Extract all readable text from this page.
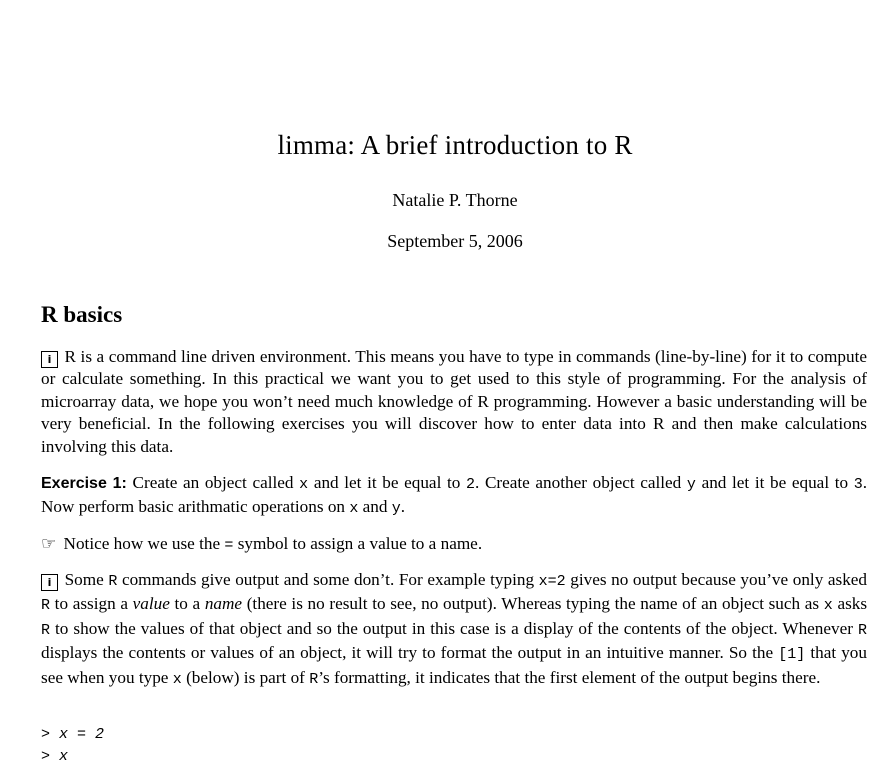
limma: A brief introduction to R
Natalie P. Thorne
September 5, 2006
R basics
i R is a command line driven environment. This means you have to type in commands (line-by-line) for it to compute or calculate something. In this practical we want you to get used to this style of programming. For the analysis of microarray data, we hope you won’t need much knowledge of R programming. However a basic understanding will be very beneficial. In the following exercises you will discover how to enter data into R and then make calculations involving this data.
Exercise 1: Create an object called x and let it be equal to 2. Create another object called y and let it be equal to 3. Now perform basic arithmatic operations on x and y.
☞ Notice how we use the = symbol to assign a value to a name.
i Some R commands give output and some don’t. For example typing x=2 gives no output because you’ve only asked R to assign a value to a name (there is no result to see, no output). Whereas typing the name of an object such as x asks R to show the values of that object and so the output in this case is a display of the contents of the object. Whenever R displays the contents or values of an object, it will try to format the output in an intuitive manner. So the [1] that you see when you type x (below) is part of R’s formatting, it indicates that the first element of the output begins there.
> x = 2
> x
